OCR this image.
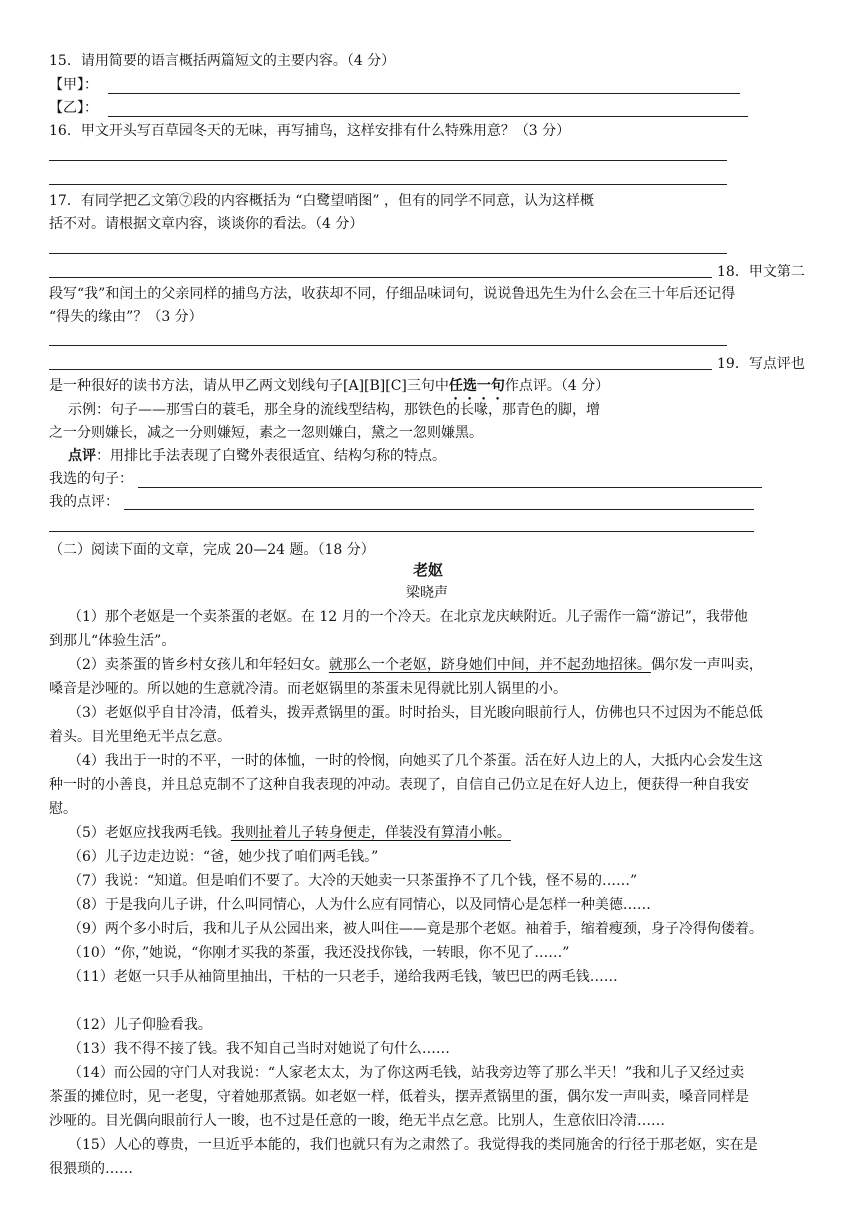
15．请用简要的语言概括两篇短文的主要内容。（4 分）
【甲】：
【乙】：
16．甲文开头写百草园冬天的无味，再写捕鸟，这样安排有什么特殊用意？（3 分）
17．有同学把乙文第⑦段的内容概括为 “白鹭望哨图” ，但有的同学不同意，认为这样概
括不对。请根据文章内容，谈谈你的看法。（4 分）
18．甲文第二
段写“我”和闰土的父亲同样的捕鸟方法，收获却不同，仔细品味词句，说说鲁迅先生为什么会在三十年后还记得
“得失的缘由”？（3 分）
19．写点评也
是一种很好的读书方法，请从甲乙两文划线句子[A][B][C]三句中任选一句作点评。（4 分）
示例：句子——那雪白的蓑毛，那全身的流线型结构，那铁色的长喙，那青色的脚，增
之一分则嫌长，减之一分则嫌短，素之一忽则嫌白，黛之一忽则嫌黑。
点评：用排比手法表现了白鹭外表很适宜、结构匀称的特点。
我选的句子：
我的点评：
（二）阅读下面的文章，完成 20—24 题。（18 分）
老妪
梁晓声
（1）那个老妪是一个卖茶蛋的老妪。在 12 月的一个冷天。在北京龙庆峡附近。儿子需作一篇“游记”，我带他
到那儿“体验生活”。
（2）卖茶蛋的皆乡村女孩儿和年轻妇女。就那么一个老妪，跻身她们中间，并不起劲地招徕。偶尔发一声叫卖，
嗓音是沙哑的。所以她的生意就冷清。而老妪锅里的茶蛋未见得就比别人锅里的小。
（3）老妪似乎自甘冷清，低着头，拨弄煮锅里的蛋。时时抬头，目光睃向眼前行人，仿佛也只不过因为不能总低
着头。目光里绝无半点乞意。
（4）我出于一时的不平，一时的体恤，一时的怜悯，向她买了几个茶蛋。活在好人边上的人，大抵内心会发生这
种一时的小善良，并且总克制不了这种自我表现的冲动。表现了，自信自己仍立足在好人边上，便获得一种自我安
慰。
（5）老妪应找我两毛钱。我则扯着儿子转身便走，佯装没有算清小帐。
（6）儿子边走边说：“爸，她少找了咱们两毛钱。”
（7）我说：“知道。但是咱们不要了。大冷的天她卖一只茶蛋挣不了几个钱，怪不易的……”
（8）于是我向儿子讲，什么叫同情心，人为什么应有同情心，以及同情心是怎样一种美德……
（9）两个多小时后，我和儿子从公园出来，被人叫住——竟是那个老妪。袖着手，缩着瘦颈，身子冷得佝偻着。
（10）“你，”她说，“你刚才买我的茶蛋，我还没找你钱，一转眼，你不见了……”
（11）老妪一只手从袖筒里抽出，干枯的一只老手，递给我两毛钱，皱巴巴的两毛钱……
（12）儿子仰脸看我。
（13）我不得不接了钱。我不知自己当时对她说了句什么……
（14）而公园的守门人对我说：“人家老太太，为了你这两毛钱，站我旁边等了那么半天！”我和儿子又经过卖
茶蛋的摊位时，见一老叟，守着她那煮锅。如老妪一样，低着头，摆弄煮锅里的蛋，偶尔发一声叫卖，嗓音同样是
沙哑的。目光偶向眼前行人一睃，也不过是任意的一睃，绝无半点乞意。比别人，生意依旧冷清……
（15）人心的尊贵，一旦近乎本能的，我们也就只有为之肃然了。我觉得我的类同施舍的行径于那老妪，实在是
很猥琐的……
